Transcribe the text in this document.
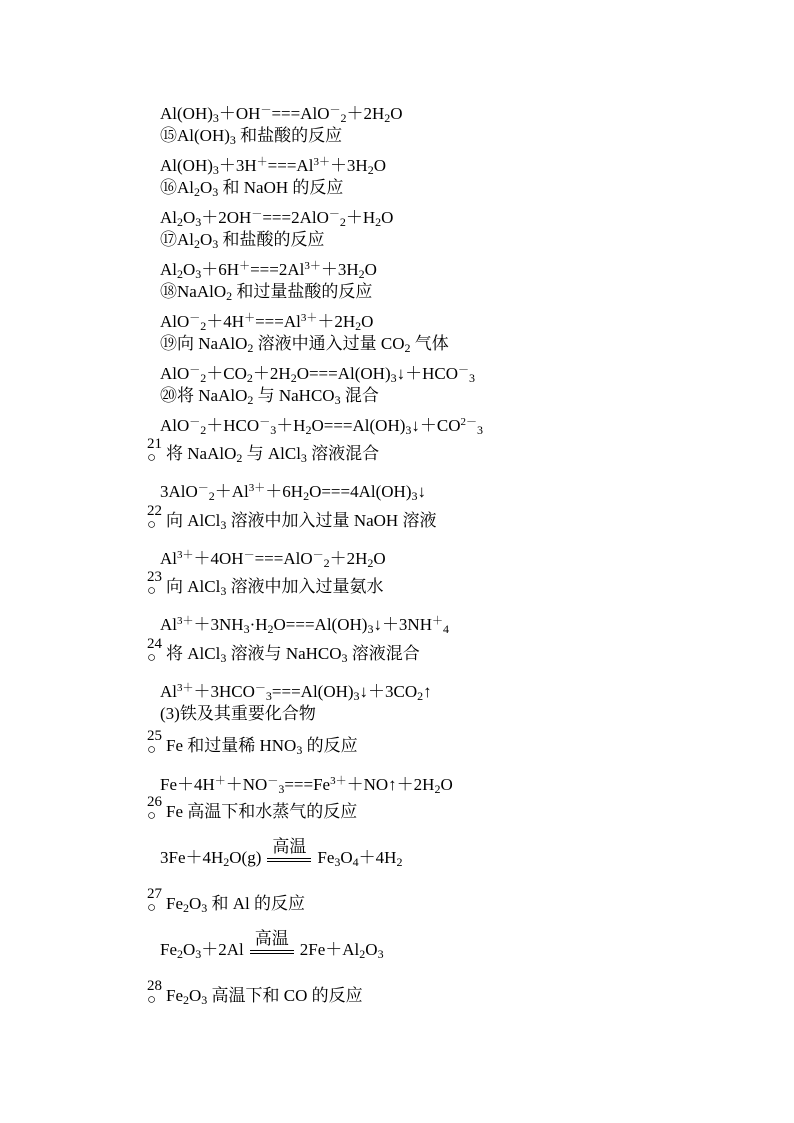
$Al(OH)_3+OH^-===AlO^-_2+2H_2O$
$⑮Al(OH)_3$ 和盐酸的反应
$Al(OH)_3+3H^+===Al^{3+}+3H_2O$
$⑯Al_2O_3$ 和 NaOH 的反应
$Al_2O_3+2OH^-===2AlO^-_2+H_2O$
$⑰Al_2O_3$ 和盐酸的反应
$Al_2O_3+6H^+===2Al^{3+}+3H_2O$
⑱NaAlO$_2$ 和过量盐酸的反应
$AlO^-_2+4H^+===Al^{3+}+2H_2O$
⑲向 NaAlO$_2$ 溶液中通入过量 $CO_2$ 气体
$AlO^-_2+CO_2+2H_2O===Al(OH)_3↓+HCO^-_3$
⑳将 NaAlO$_2$ 与 NaHCO$_3$ 混合
$AlO^-_2+HCO^-_3+H_2O===Al(OH)_3↓+CO^{2-}_3$
将 NaAlO$_2$ 与 AlCl$_3$ 溶液混合
21
○
$3AlO^-_2+Al^{3+}+6H_2O===4Al(OH)_3↓$
向 AlCl$_3$ 溶液中加入过量 NaOH 溶液
22
○
$Al^{3+}+4OH^-===AlO^-_2+2H_2O$
向 AlCl$_3$ 溶液中加入过量氨水
23
○
$Al^{3+}+3NH_3\cdot H_2O===Al(OH)_3↓+3NH^+_4$
将 AlCl$_3$ 溶液与 NaHCO$_3$ 溶液混合
24
○
$Al^{3+}+3HCO^-_3===Al(OH)_3↓+3CO_2↑$
(3)铁及其重要化合物
Fe 和过量稀 $HNO_3$ 的反应
25
○
$Fe+4H^++NO^-_3===Fe^{3+}+NO↑+2H_2O$
Fe 高温下和水蒸气的反应
26
○
$3Fe+4H_2O(g)$
高温
$Fe_3O_4+4H_2$
$Fe_2O_3$ 和 Al 的反应
27
○
$Fe_2O_3+2Al$
高温
$2Fe+Al_2O_3$
$Fe_2O_3$ 高温下和 CO 的反应
28
○
